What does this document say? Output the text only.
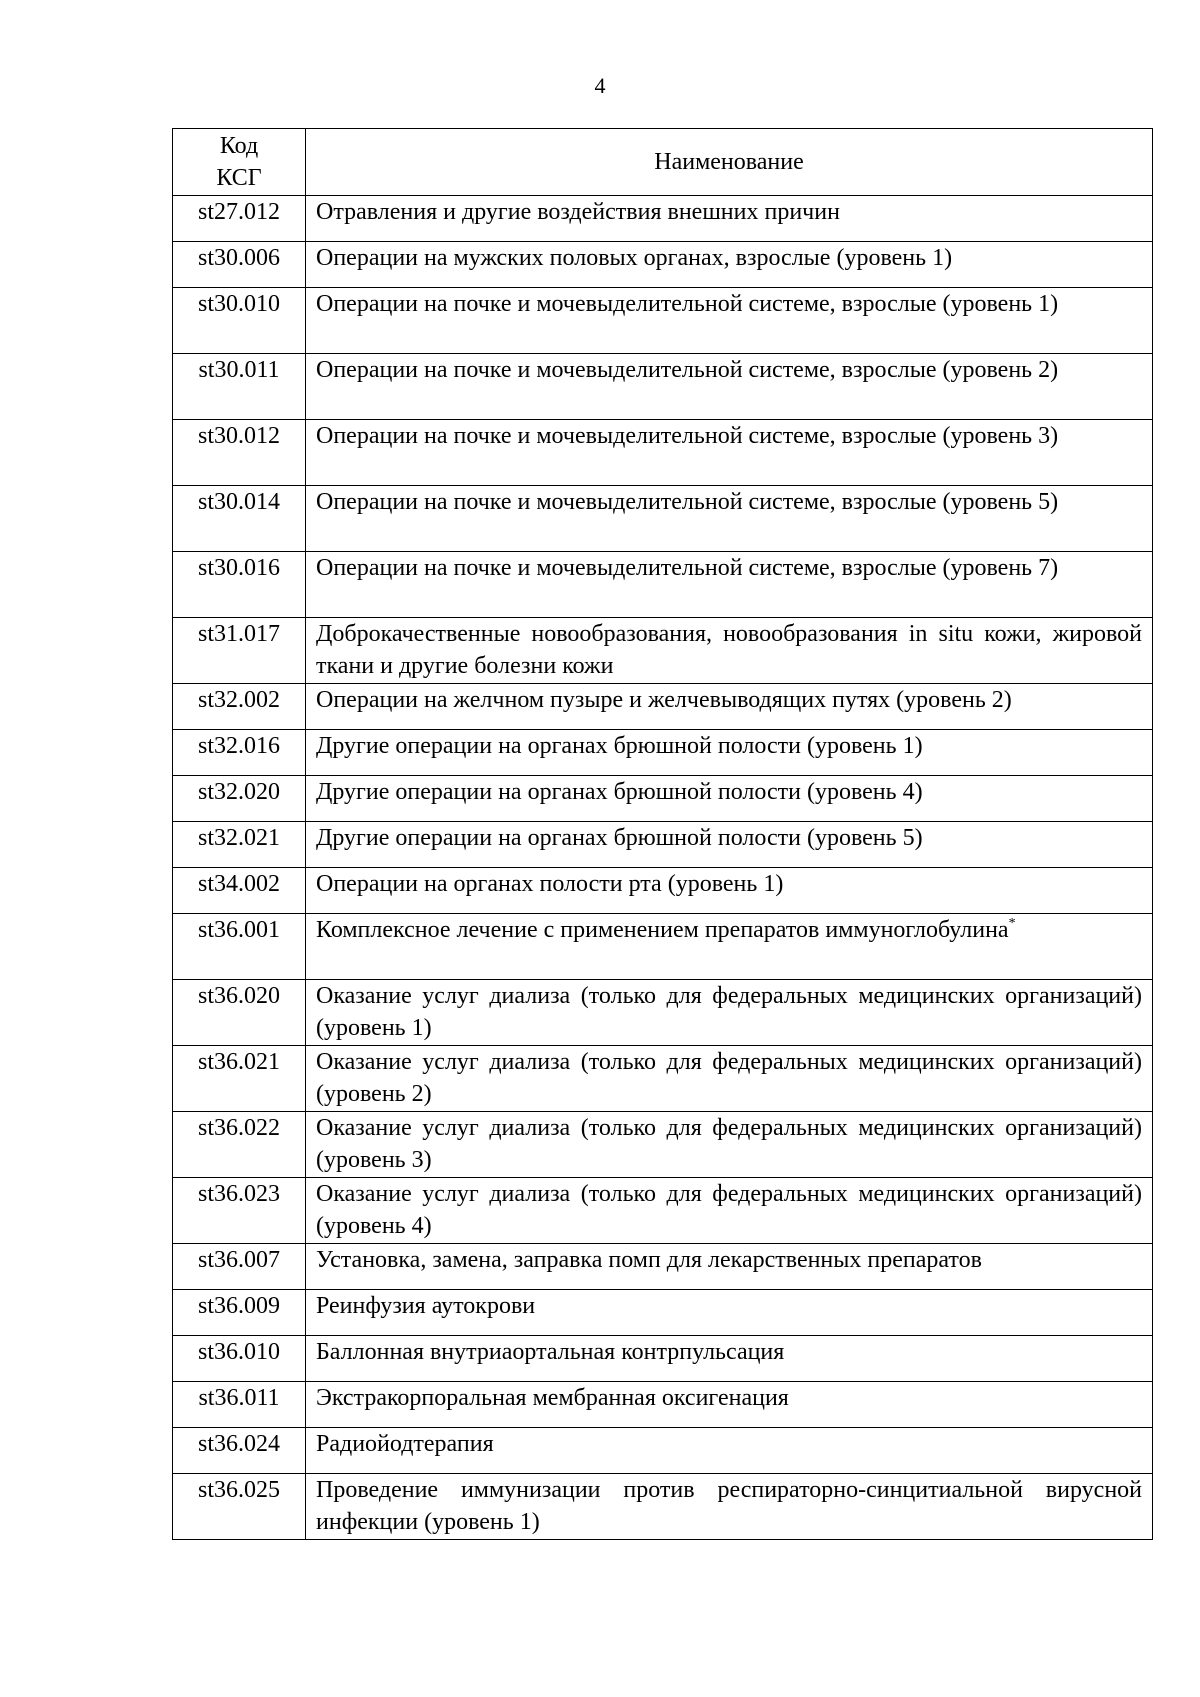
4
Код
КСГ	Наименование
st27.012	Отравления и другие воздействия внешних причин
st30.006	Операции на мужских половых органах, взрослые (уровень 1)
st30.010	Операции на почке и мочевыделительной системе, взрослые (уровень 1)
st30.011	Операции на почке и мочевыделительной системе, взрослые (уровень 2)
st30.012	Операции на почке и мочевыделительной системе, взрослые (уровень 3)
st30.014	Операции на почке и мочевыделительной системе, взрослые (уровень 5)
st30.016	Операции на почке и мочевыделительной системе, взрослые (уровень 7)
st31.017	Доброкачественные новообразования, новообразования in situ кожи, жировой ткани и другие болезни кожи
st32.002	Операции на желчном пузыре и желчевыводящих путях (уровень 2)
st32.016	Другие операции на органах брюшной полости (уровень 1)
st32.020	Другие операции на органах брюшной полости (уровень 4)
st32.021	Другие операции на органах брюшной полости (уровень 5)
st34.002	Операции на органах полости рта (уровень 1)
st36.001	Комплексное лечение с применением препаратов иммуноглобулина*
st36.020	Оказание услуг диализа (только для федеральных медицинских организаций) (уровень 1)
st36.021	Оказание услуг диализа (только для федеральных медицинских организаций) (уровень 2)
st36.022	Оказание услуг диализа (только для федеральных медицинских организаций) (уровень 3)
st36.023	Оказание услуг диализа (только для федеральных медицинских организаций) (уровень 4)
st36.007	Установка, замена, заправка помп для лекарственных препаратов
st36.009	Реинфузия аутокрови
st36.010	Баллонная внутриаортальная контрпульсация
st36.011	Экстракорпоральная мембранная оксигенация
st36.024	Радиойодтерапия
st36.025	Проведение иммунизации против респираторно-синцитиальной вирусной инфекции (уровень 1)
